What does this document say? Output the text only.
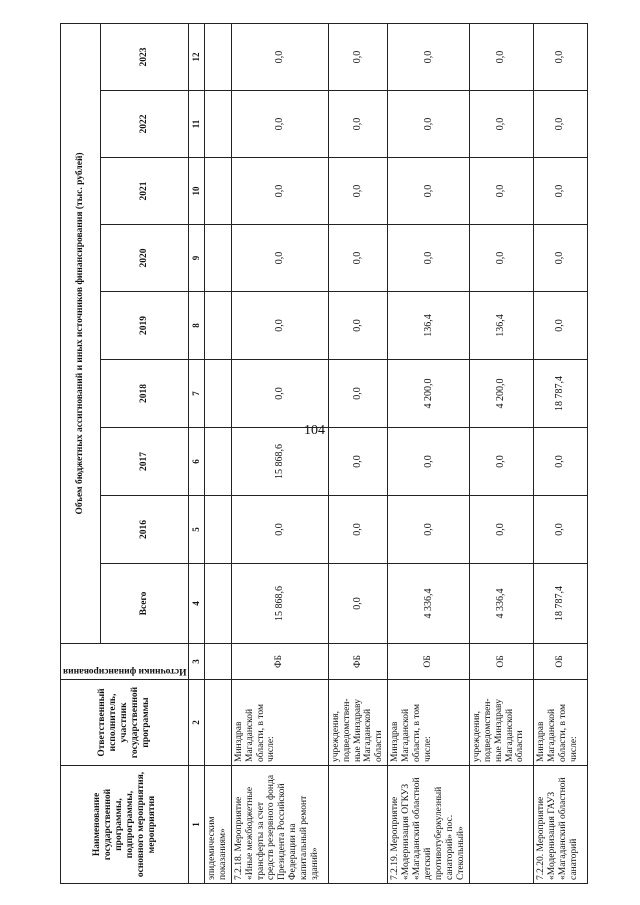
104
Наименование государственной программы, подпрограммы, основного мероприятия, мероприятия	Ответственный исполнитель, участник государственной программы	Источники финансирования	Объем бюджетных ассигнований и иных источников финансирования (тыс. рублей)								
			Всего	2016	2017	2018	2019	2020	2021	2022	2023
1	2	3	4	5	6	7	8	9	10	11	12
эпидемическим показаниям»											
7.2.18. Мероприятие «Иные межбюджетные трансферты за счет средств резервного фонда Президента Российской Федерации на капитальный ремонт зданий»	Минздрав Магаданской области, в том числе:	ФБ	15 868,6	0,0	15 868,6	0,0	0,0	0,0	0,0	0,0	0,0
	учреждения, подведомствен-ные Минздраву Магаданской области	ФБ	0,0	0,0	0,0	0,0	0,0	0,0	0,0	0,0	0,0
7.2.19. Мероприятие «Модернизация ОГКУЗ «Магаданский областной детский противотуберкулезный санаторий» пос. Стекольный»	Минздрав Магаданской области, в том числе:	ОБ	4 336,4	0,0	0,0	4 200,0	136,4	0,0	0,0	0,0	0,0
	учреждения, подведомствен-ные Минздраву Магаданской области	ОБ	4 336,4	0,0	0,0	4 200,0	136,4	0,0	0,0	0,0	0,0
7.2.20. Мероприятие «Модернизация ГАУЗ «Магаданский областной санаторий	Минздрав Магаданской области, в том числе:	ОБ	18 787,4	0,0	0,0	18 787,4	0,0	0,0	0,0	0,0	0,0
